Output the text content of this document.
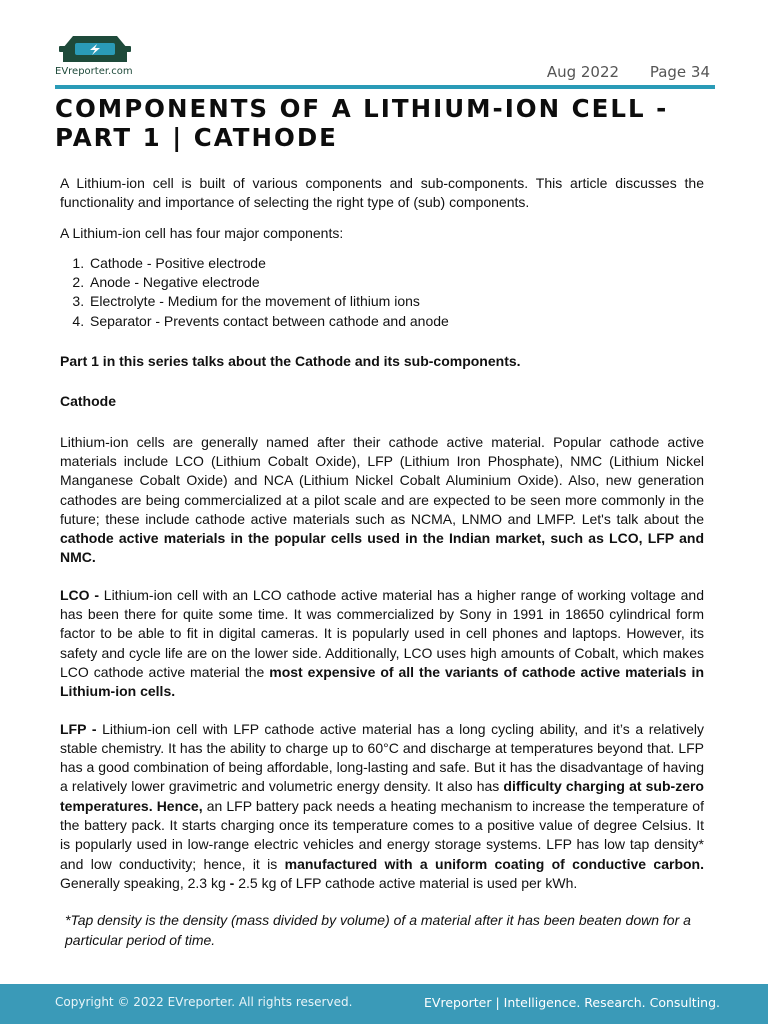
EVreporter.com	Aug 2022 Page 34
COMPONENTS OF A LITHIUM-ION CELL -
PART 1 | CATHODE

A Lithium-ion cell is built of various components and sub-components. This article discusses the functionality and importance of selecting the right type of (sub) components.

A Lithium-ion cell has four major components:

1. Cathode - Positive electrode
2. Anode - Negative electrode
3. Electrolyte - Medium for the movement of lithium ions
4. Separator - Prevents contact between cathode and anode

Part 1 in this series talks about the Cathode and its sub-components.

Cathode

Lithium-ion cells are generally named after their cathode active material. Popular cathode active materials include LCO (Lithium Cobalt Oxide), LFP (Lithium Iron Phosphate), NMC (Lithium Nickel Manganese Cobalt Oxide) and NCA (Lithium Nickel Cobalt Aluminium Oxide). Also, new generation cathodes are being commercialized at a pilot scale and are expected to be seen more commonly in the future; these include cathode active materials such as NCMA, LNMO and LMFP. Let's talk about the cathode active materials in the popular cells used in the Indian market, such as LCO, LFP and NMC.

LCO - Lithium-ion cell with an LCO cathode active material has a higher range of working voltage and has been there for quite some time. It was commercialized by Sony in 1991 in 18650 cylindrical form factor to be able to fit in digital cameras. It is popularly used in cell phones and laptops. However, its safety and cycle life are on the lower side. Additionally, LCO uses high amounts of Cobalt, which makes LCO cathode active material the most expensive of all the variants of cathode active materials in Lithium-ion cells.

LFP - Lithium-ion cell with LFP cathode active material has a long cycling ability, and it’s a relatively stable chemistry. It has the ability to charge up to 60°C and discharge at temperatures beyond that. LFP has a good combination of being affordable, long-lasting and safe. But it has the disadvantage of having a relatively lower gravimetric and volumetric energy density. It also has difficulty charging at sub-zero temperatures. Hence, an LFP battery pack needs a heating mechanism to increase the temperature of the battery pack. It starts charging once its temperature comes to a positive value of degree Celsius. It is popularly used in low-range electric vehicles and energy storage systems. LFP has low tap density* and low conductivity; hence, it is manufactured with a uniform coating of conductive carbon. Generally speaking, 2.3 kg - 2.5 kg of LFP cathode active material is used per kWh.

*Tap density is the density (mass divided by volume) of a material after it has been beaten down for a particular period of time.

Copyright © 2022 EVreporter. All rights reserved.	EVreporter | Intelligence. Research. Consulting.
